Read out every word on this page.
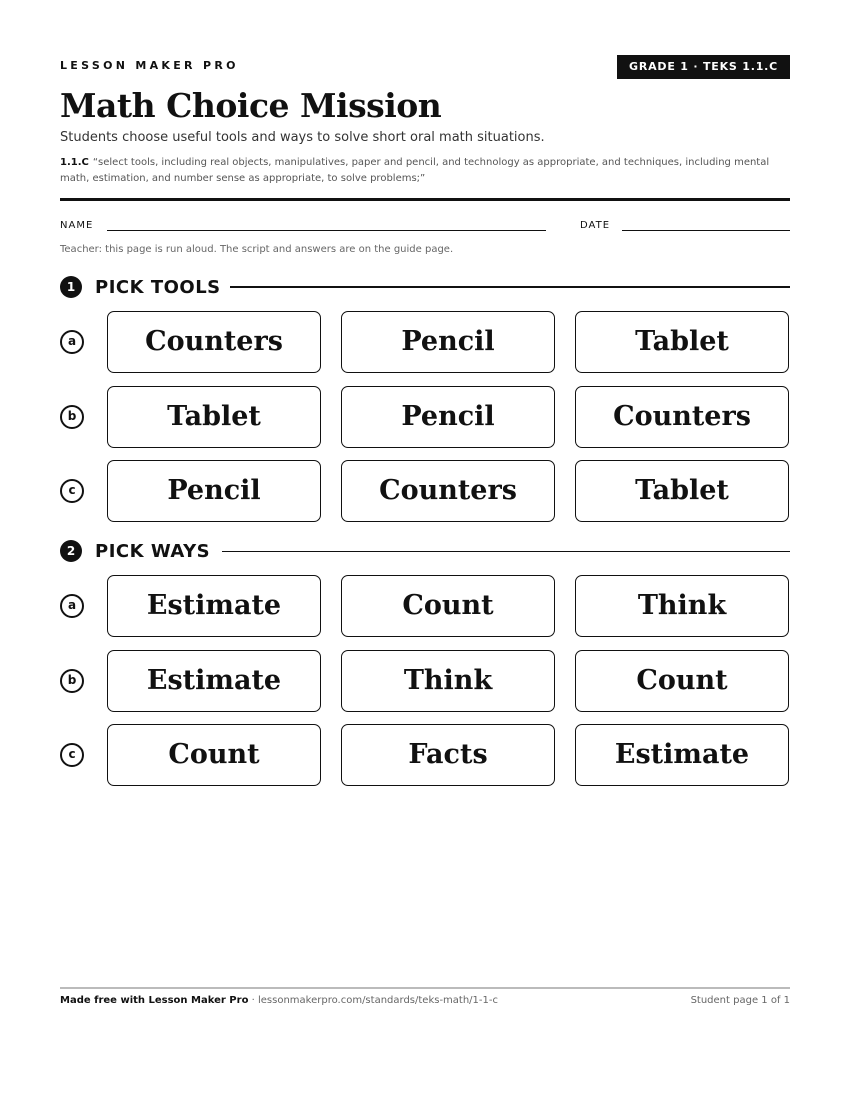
LESSON MAKER PRO	GRADE 1 · TEKS 1.1.C
Math Choice Mission
Students choose useful tools and ways to solve short oral math situations.
1.1.C “select tools, including real objects, manipulatives, paper and pencil, and technology as appropriate, and techniques, including mental math, estimation, and number sense as appropriate, to solve problems;”
NAME	DATE
Teacher: this page is run aloud. The script and answers are on the guide page.
1	PICK TOOLS
a	Counters	Pencil	Tablet
b	Tablet	Pencil	Counters
c	Pencil	Counters	Tablet
2	PICK WAYS
a	Estimate	Count	Think
b	Estimate	Think	Count
c	Count	Facts	Estimate
Made free with Lesson Maker Pro · lessonmakerpro.com/standards/teks-math/1-1-c	Student page 1 of 1
